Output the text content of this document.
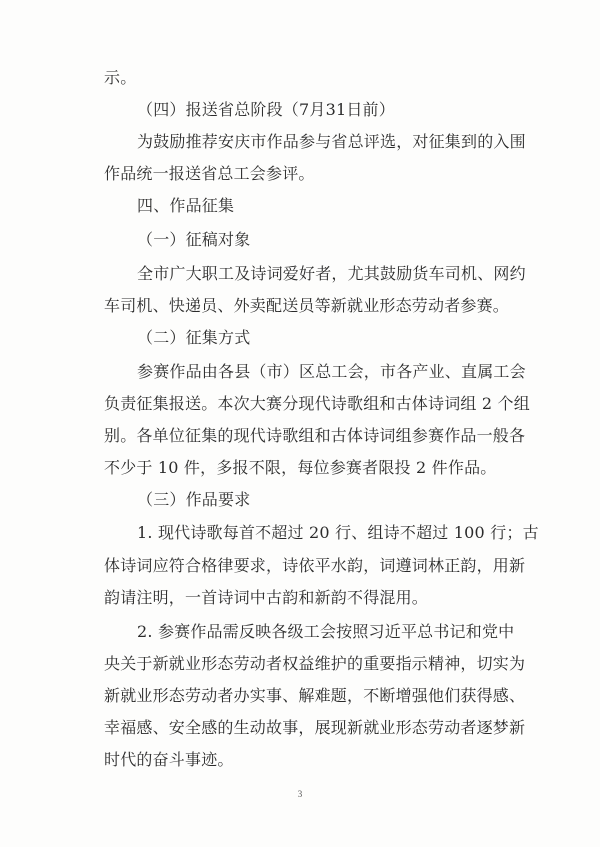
示。
（四）报送省总阶段（7月31日前）
为鼓励推荐安庆市作品参与省总评选，对征集到的入围
作品统一报送省总工会参评。
四、作品征集
（一）征稿对象
全市广大职工及诗词爱好者，尤其鼓励货车司机、网约
车司机、快递员、外卖配送员等新就业形态劳动者参赛。
（二）征集方式
参赛作品由各县（市）区总工会，市各产业、直属工会
负责征集报送。本次大赛分现代诗歌组和古体诗词组 2 个组
别。各单位征集的现代诗歌组和古体诗词组参赛作品一般各
不少于 10 件，多报不限，每位参赛者限投 2 件作品。
（三）作品要求
1. 现代诗歌每首不超过 20 行、组诗不超过 100 行；古
体诗词应符合格律要求，诗依平水韵，词遵词林正韵，用新
韵请注明，一首诗词中古韵和新韵不得混用。
2. 参赛作品需反映各级工会按照习近平总书记和党中
央关于新就业形态劳动者权益维护的重要指示精神，切实为
新就业形态劳动者办实事、解难题，不断增强他们获得感、
幸福感、安全感的生动故事，展现新就业形态劳动者逐梦新
时代的奋斗事迹。
3
